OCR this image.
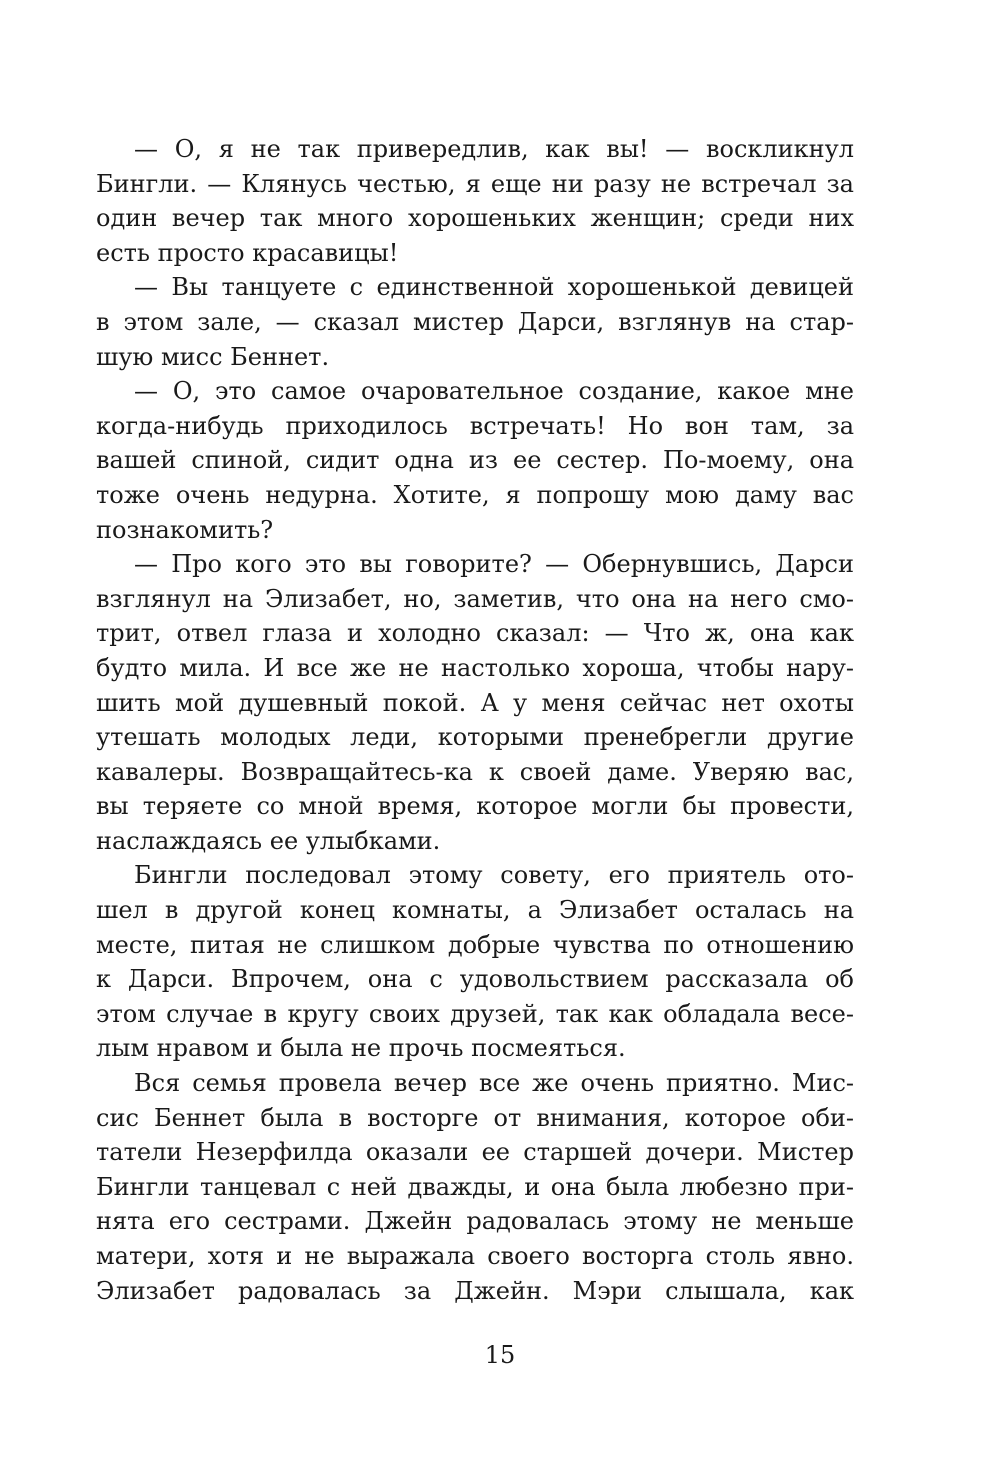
— О, я не так привередлив, как вы! — воскликнул
Бингли. — Клянусь честью, я еще ни разу не встречал за
один вечер так много хорошеньких женщин; среди них
есть просто красавицы!
— Вы танцуете с единственной хорошенькой девицей
в этом зале, — сказал мистер Дарси, взглянув на стар-
шую мисс Беннет.
— О, это самое очаровательное создание, какое мне
когда-нибудь приходилось встречать! Но вон там, за
вашей спиной, сидит одна из ее сестер. По-моему, она
тоже очень недурна. Хотите, я попрошу мою даму вас
познакомить?
— Про кого это вы говорите? — Обернувшись, Дарси
взглянул на Элизабет, но, заметив, что она на него смо-
трит, отвел глаза и холодно сказал: — Что ж, она как
будто мила. И все же не настолько хороша, чтобы нару-
шить мой душевный покой. А у меня сейчас нет охоты
утешать молодых леди, которыми пренебрегли другие
кавалеры. Возвращайтесь-ка к своей даме. Уверяю вас,
вы теряете со мной время, которое могли бы провести,
наслаждаясь ее улыбками.
Бингли последовал этому совету, его приятель ото-
шел в другой конец комнаты, а Элизабет осталась на
месте, питая не слишком добрые чувства по отношению
к Дарси. Впрочем, она с удовольствием рассказала об
этом случае в кругу своих друзей, так как обладала весе-
лым нравом и была не прочь посмеяться.
Вся семья провела вечер все же очень приятно. Мис-
сис Беннет была в восторге от внимания, которое оби-
татели Незерфилда оказали ее старшей дочери. Мистер
Бингли танцевал с ней дважды, и она была любезно при-
нята его сестрами. Джейн радовалась этому не меньше
матери, хотя и не выражала своего восторга столь явно.
Элизабет радовалась за Джейн. Мэри слышала, как
15
